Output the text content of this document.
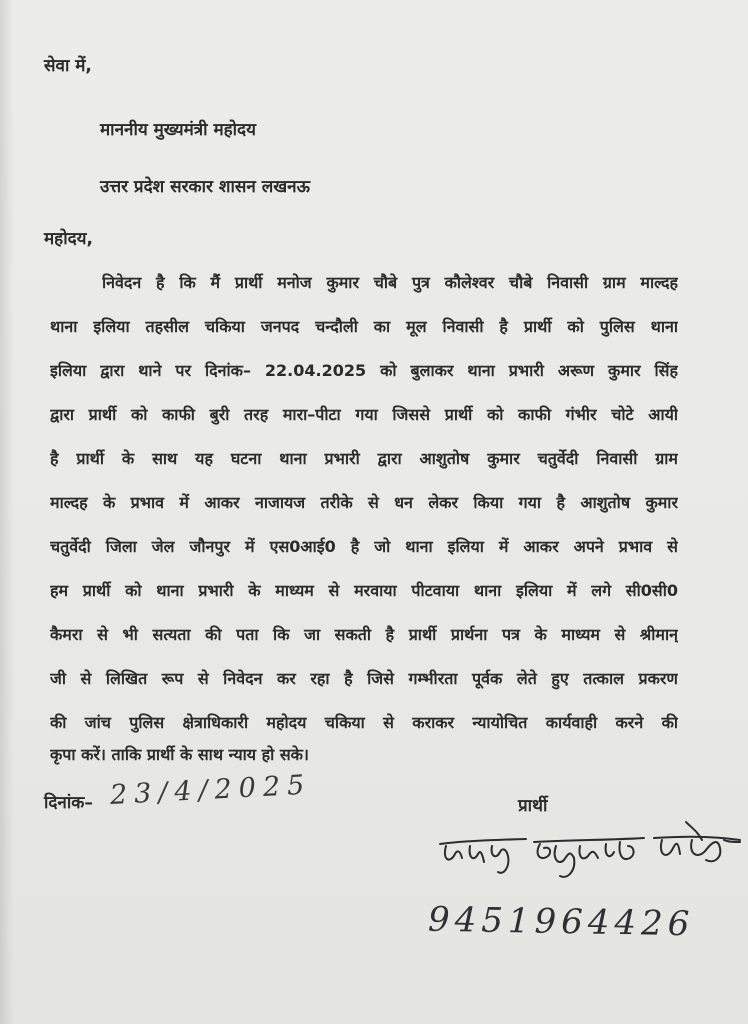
सेवा में,
माननीय मुख्यमंत्री महोदय
उत्तर प्रदेश सरकार शासन लखनऊ
महोदय,
निवेदन है कि मैं प्रार्थी मनोज कुमार चौबे पुत्र कौलेश्वर चौबे निवासी ग्राम माल्दह
थाना इलिया तहसील चकिया जनपद चन्दौली का मूल निवासी है प्रार्थी को पुलिस थाना
इलिया द्वारा थाने पर दिनांक– 22.04.2025 को बुलाकर थाना प्रभारी अरूण कुमार सिंह
द्वारा प्रार्थी को काफी बुरी तरह मारा–पीटा गया जिससे प्रार्थी को काफी गंभीर चोटे आयी
है प्रार्थी के साथ यह घटना थाना प्रभारी द्वारा आशुतोष कुमार चतुर्वेदी निवासी ग्राम
माल्दह के प्रभाव में आकर नाजायज तरीके से धन लेकर किया गया है आशुतोष कुमार
चतुर्वेदी जिला जेल जौनपुर में एस0आई0 है जो थाना इलिया में आकर अपने प्रभाव से
हम प्रार्थी को थाना प्रभारी के माध्यम से मरवाया पीटवाया थाना इलिया में लगे सी0सी0
कैमरा से भी सत्यता की पता कि जा सकती है प्रार्थी प्रार्थना पत्र के माध्यम से श्रीमान्
जी से लिखित रूप से निवेदन कर रहा है जिसे गम्भीरता पूर्वक लेते हुए तत्काल प्रकरण
की जांच पुलिस क्षेत्राधिकारी महोदय चकिया से कराकर न्यायोचित कार्यवाही करने की
कृपा करें। ताकि प्रार्थी के साथ न्याय हो सके।
दिनांक– 23/4/2025	प्रार्थी
9451964426
